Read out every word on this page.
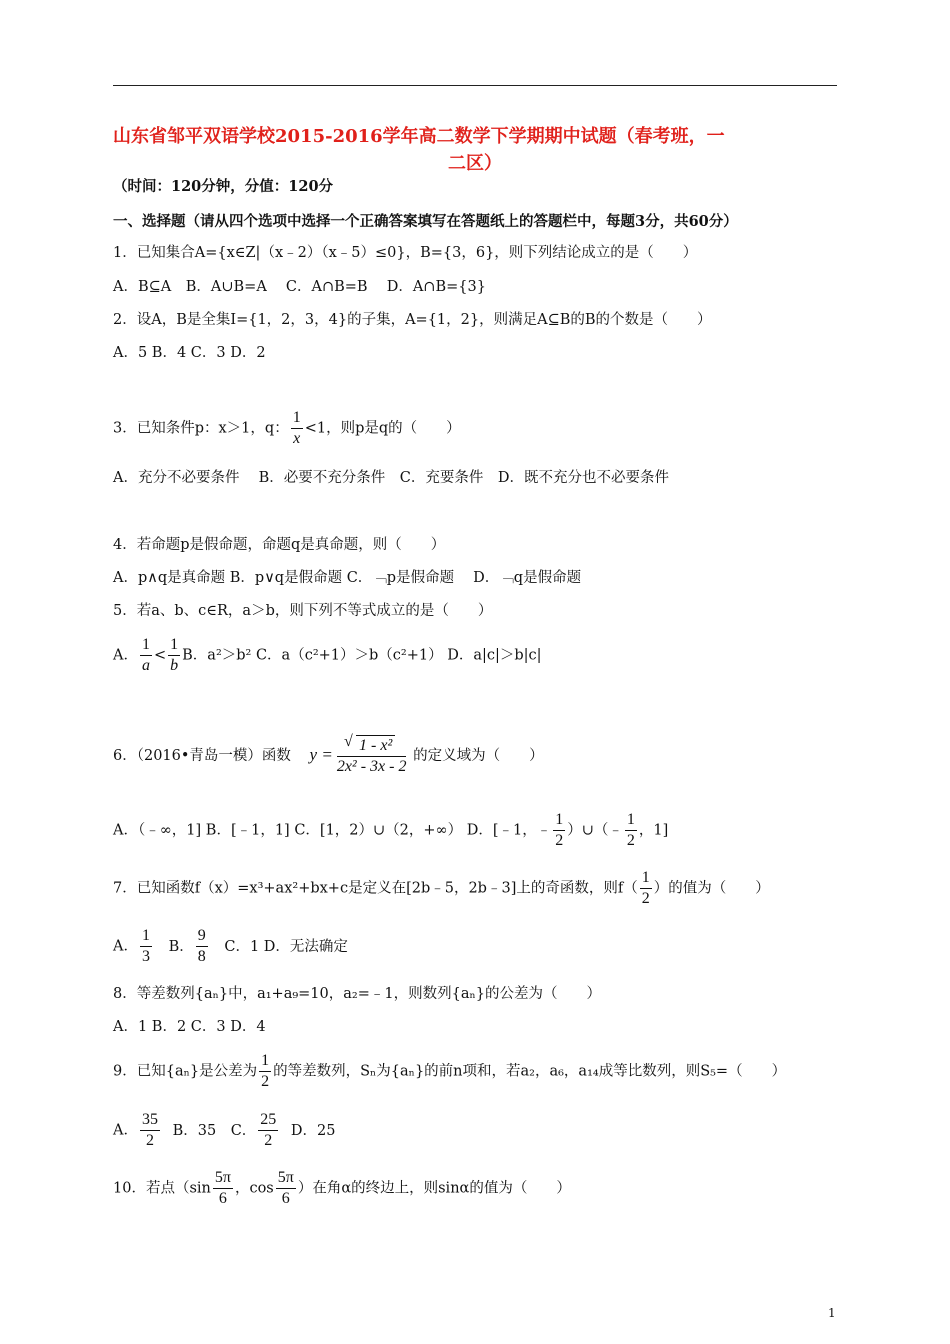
山东省邹平双语学校2015-2016学年高二数学下学期期中试题（春考班，一
二区）
（时间：120分钟，分值：120分
一、选择题（请从四个选项中选择一个正确答案填写在答题纸上的答题栏中，每题3分，共60分）
1．已知集合A={x∈Z|（x﹣2）（x﹣5）≤0}，B={3，6}，则下列结论成立的是（　　）
A．B⊆A　B．A∪B=A　 C．A∩B=B　 D．A∩B={3}
2．设A，B是全集I={1，2，3，4}的子集，A={1，2}，则满足A⊆B的B的个数是（　　）
A．5 B．4 C．3 D．2
3．已知条件p：x＞1，q： $\frac{1}{x} <1$，则p是q的（　　）
A．充分不必要条件　 B．必要不充分条件　C．充要条件　D．既不充分也不必要条件
4．若命题p是假命题，命题q是真命题，则（　　）
A．p∧q是真命题 B．p∨q是假命题 C．﹁p是假命题　 D．﹁q是假命题
5．若a、b、c∈R，a＞b，则下列不等式成立的是（　　）
A． $\frac{1}{a} < \frac{1}{b}$ B．a²＞b² C．a（c²+1）＞b（c²+1） D．a|c|＞b|c|
6．（2016•青岛一模）函数 y =
√ $\frac{\text{1 - x²}}{\text{2x² - 3x - 2}}$ 的定义域为（　　）
A．（﹣∞，1] B．[﹣1，1] C．[1，2）∪（2，+∞） D．[﹣1，﹣ $\frac{1}{2}$ ）∪（﹣ $\frac{1}{2}$ ，1]
7．已知函数f（x）=x³+ax²+bx+c是定义在[2b﹣5，2b﹣3]上的奇函数，则$f( \frac{1}{2}$ ）的值为（　　）
A． $\frac{1}{3}$ B． $\frac{9}{8}$ C．1 D．无法确定
8．等差数列{aₙ}中，a₁+a₉=10，a₂=﹣1，则数列{aₙ}的公差为（　　）
A．1 B．2 C．3 D．4
9．已知{aₙ}是公差为 $\frac{1}{2}$ 的等差数列，Sₙ为{aₙ}的前n项和，若a₂，a₆，a₁₄成等比数列，则S₅=（　　）
A． $\frac{35}{2}$ B．35　C． $\frac{25}{2}$ D．25
10．若点（$\sin \frac{5\pi}{6}$ ，$\cos \frac{5\pi}{6}$ ）在角α的终边上，则sinα的值为（　　）
1
